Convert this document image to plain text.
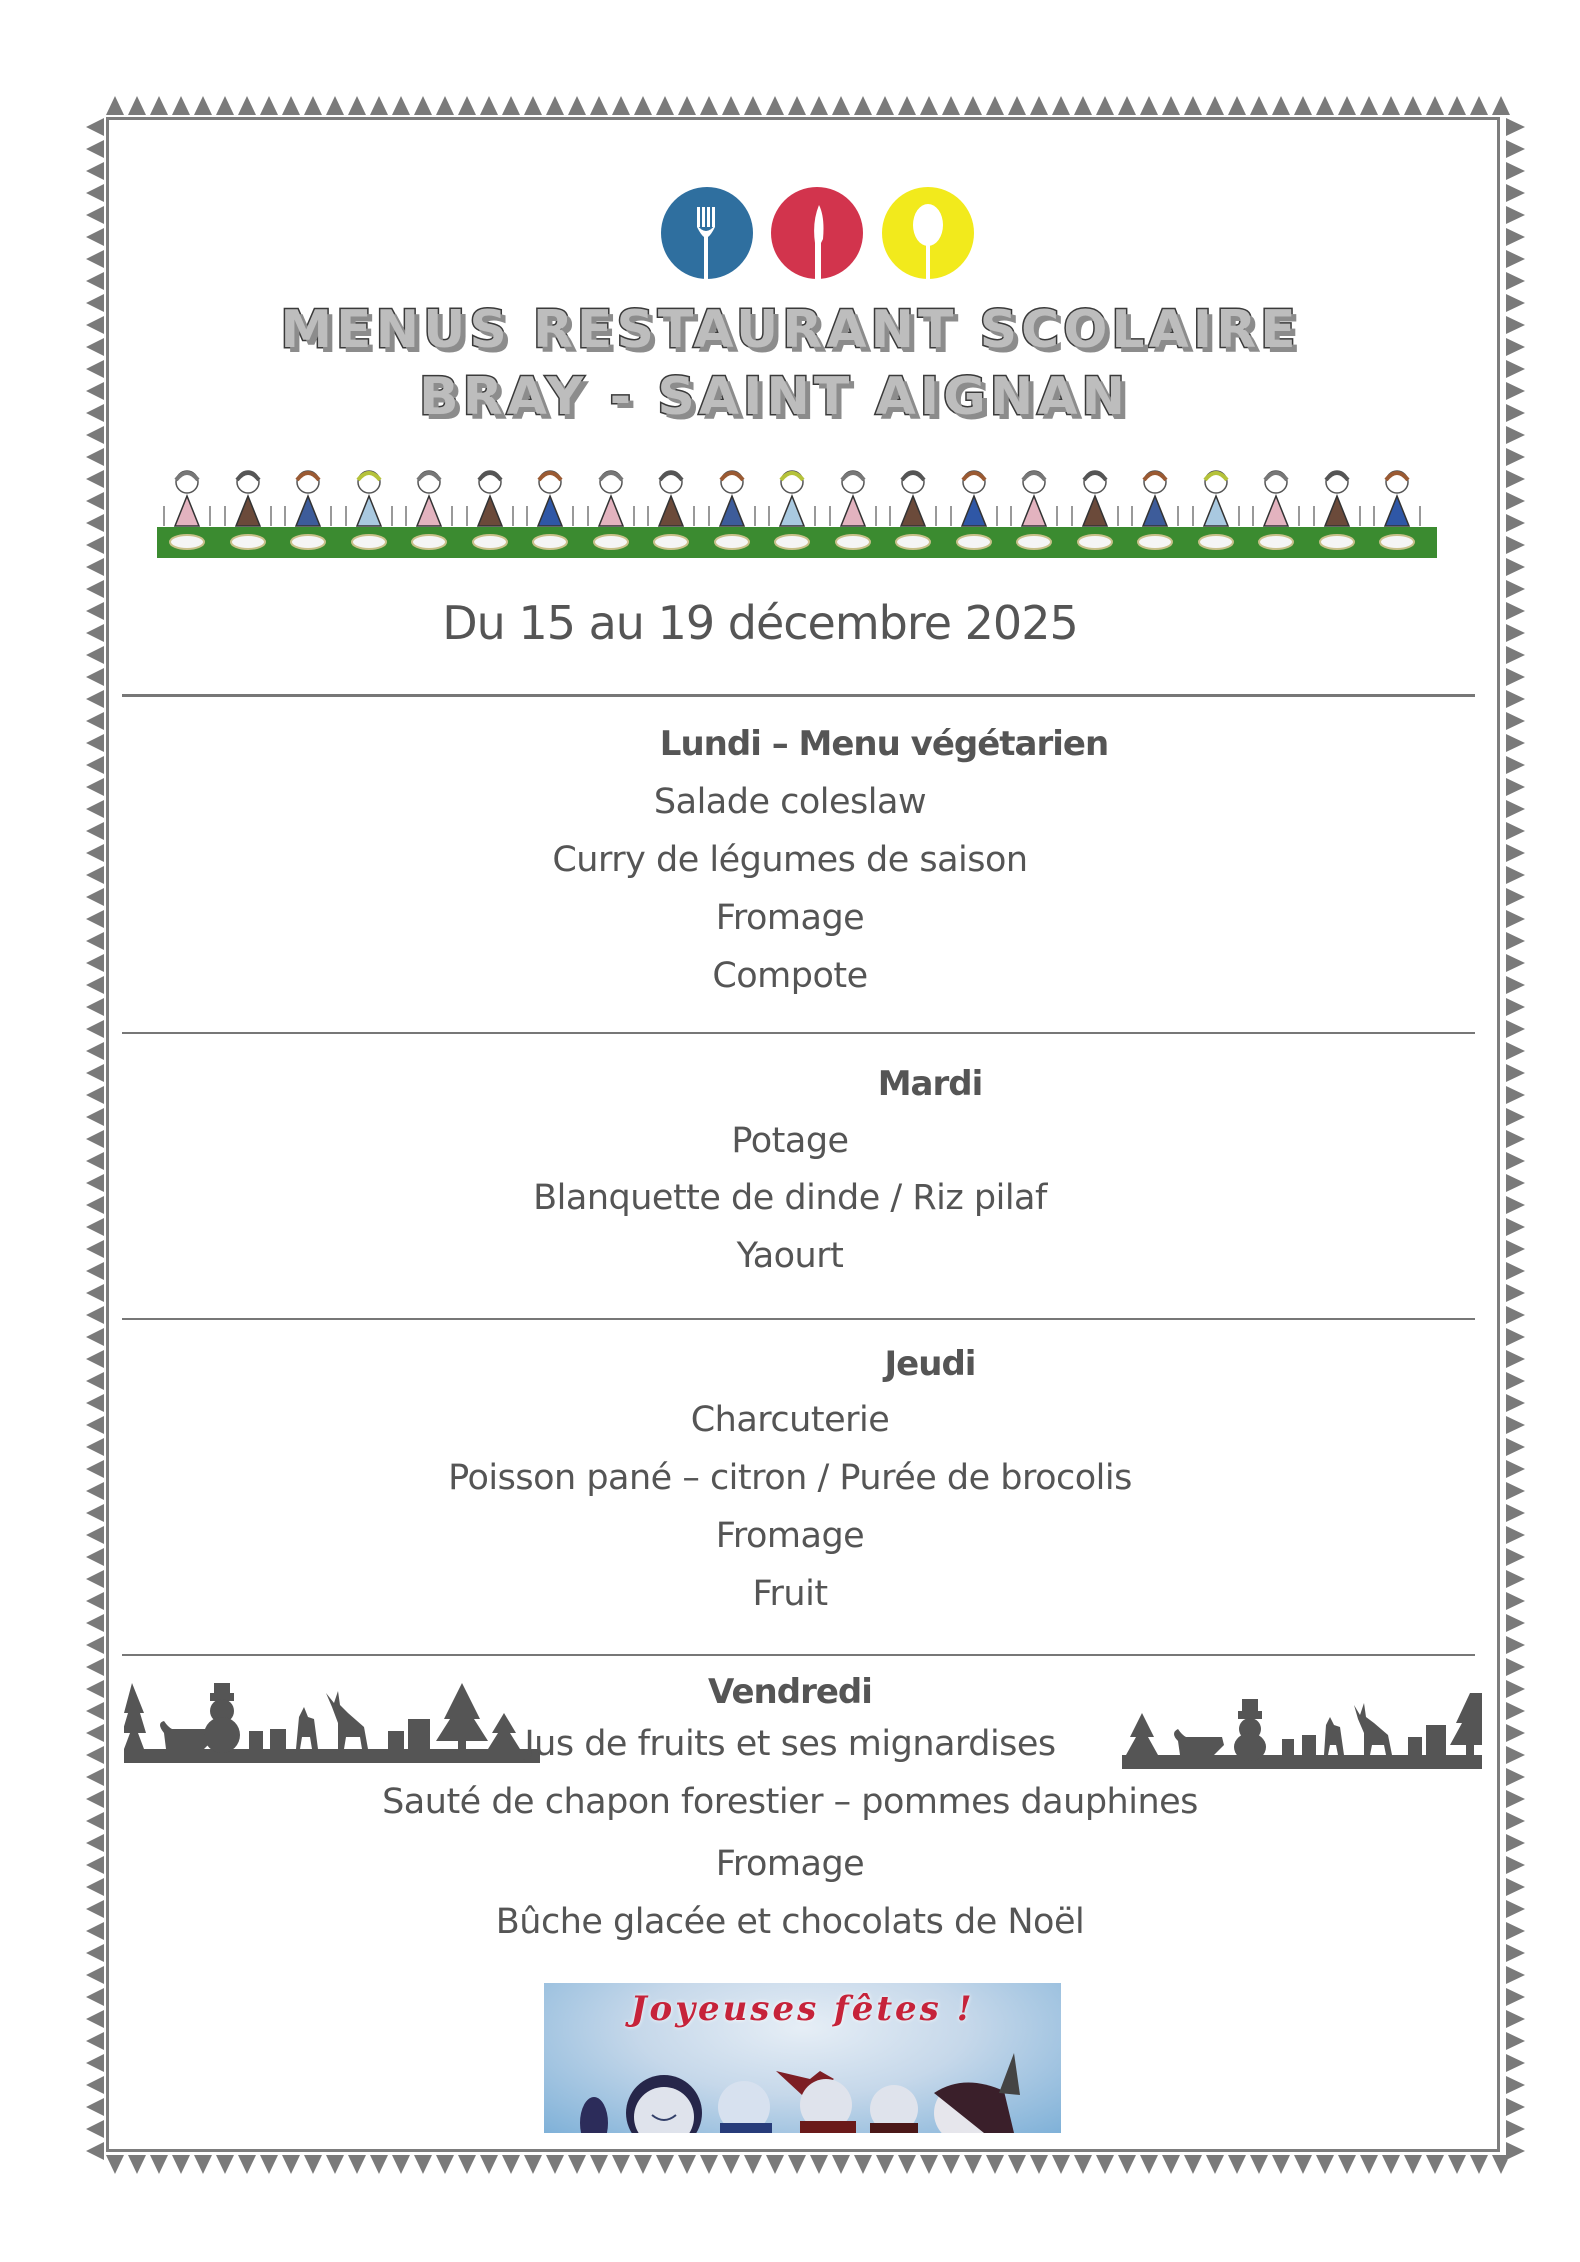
MENUS RESTAURANT SCOLAIRE
BRAY - SAINT AIGNAN
Du 15 au 19 décembre 2025
Lundi – Menu végétarien
Salade coleslaw
Curry de légumes de saison
Fromage
Compote
Mardi
Potage
Blanquette de dinde / Riz pilaf
Yaourt
Jeudi
Charcuterie
Poisson pané – citron / Purée de brocolis
Fromage
Fruit
Vendredi
Jus de fruits et ses mignardises
Sauté de chapon forestier – pommes dauphines
Fromage
Bûche glacée et chocolats de Noël
Joyeuses fêtes !
